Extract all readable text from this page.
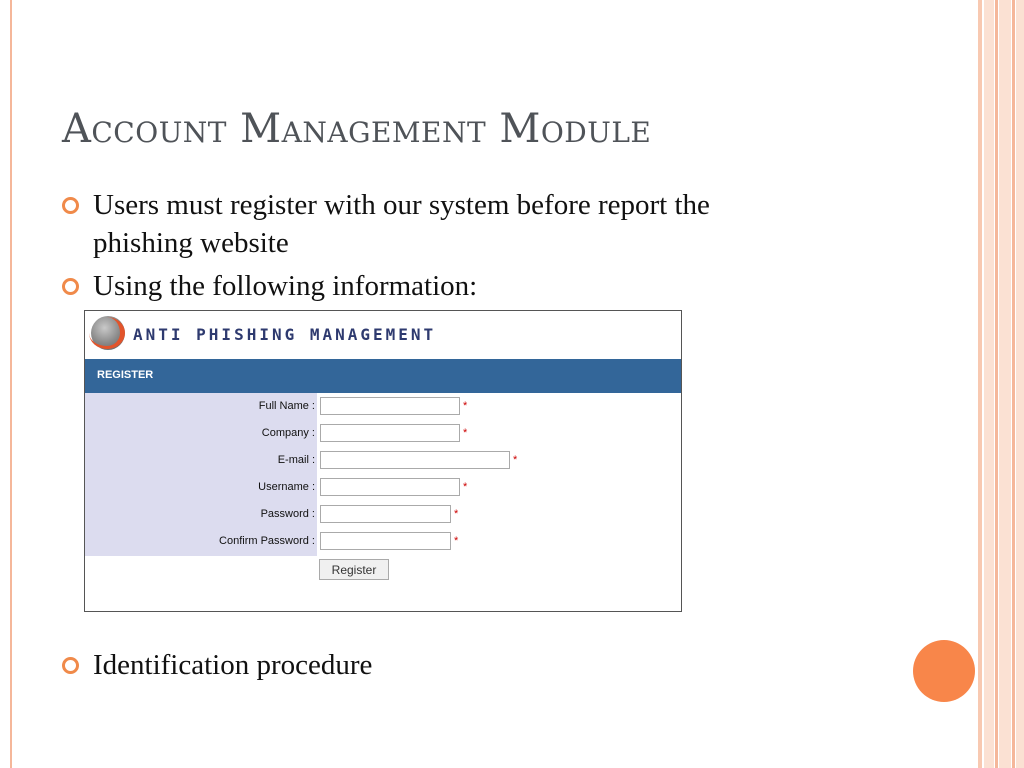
Account Management Module
Users must register with our system before report the phishing website
Using the following information:
ANTI PHISHING MANAGEMENT
REGISTER
Full Name :	*
Company :	*
E-mail :	*
Username :	*
Password :	*
Confirm Password :	*
Register
Identification procedure
